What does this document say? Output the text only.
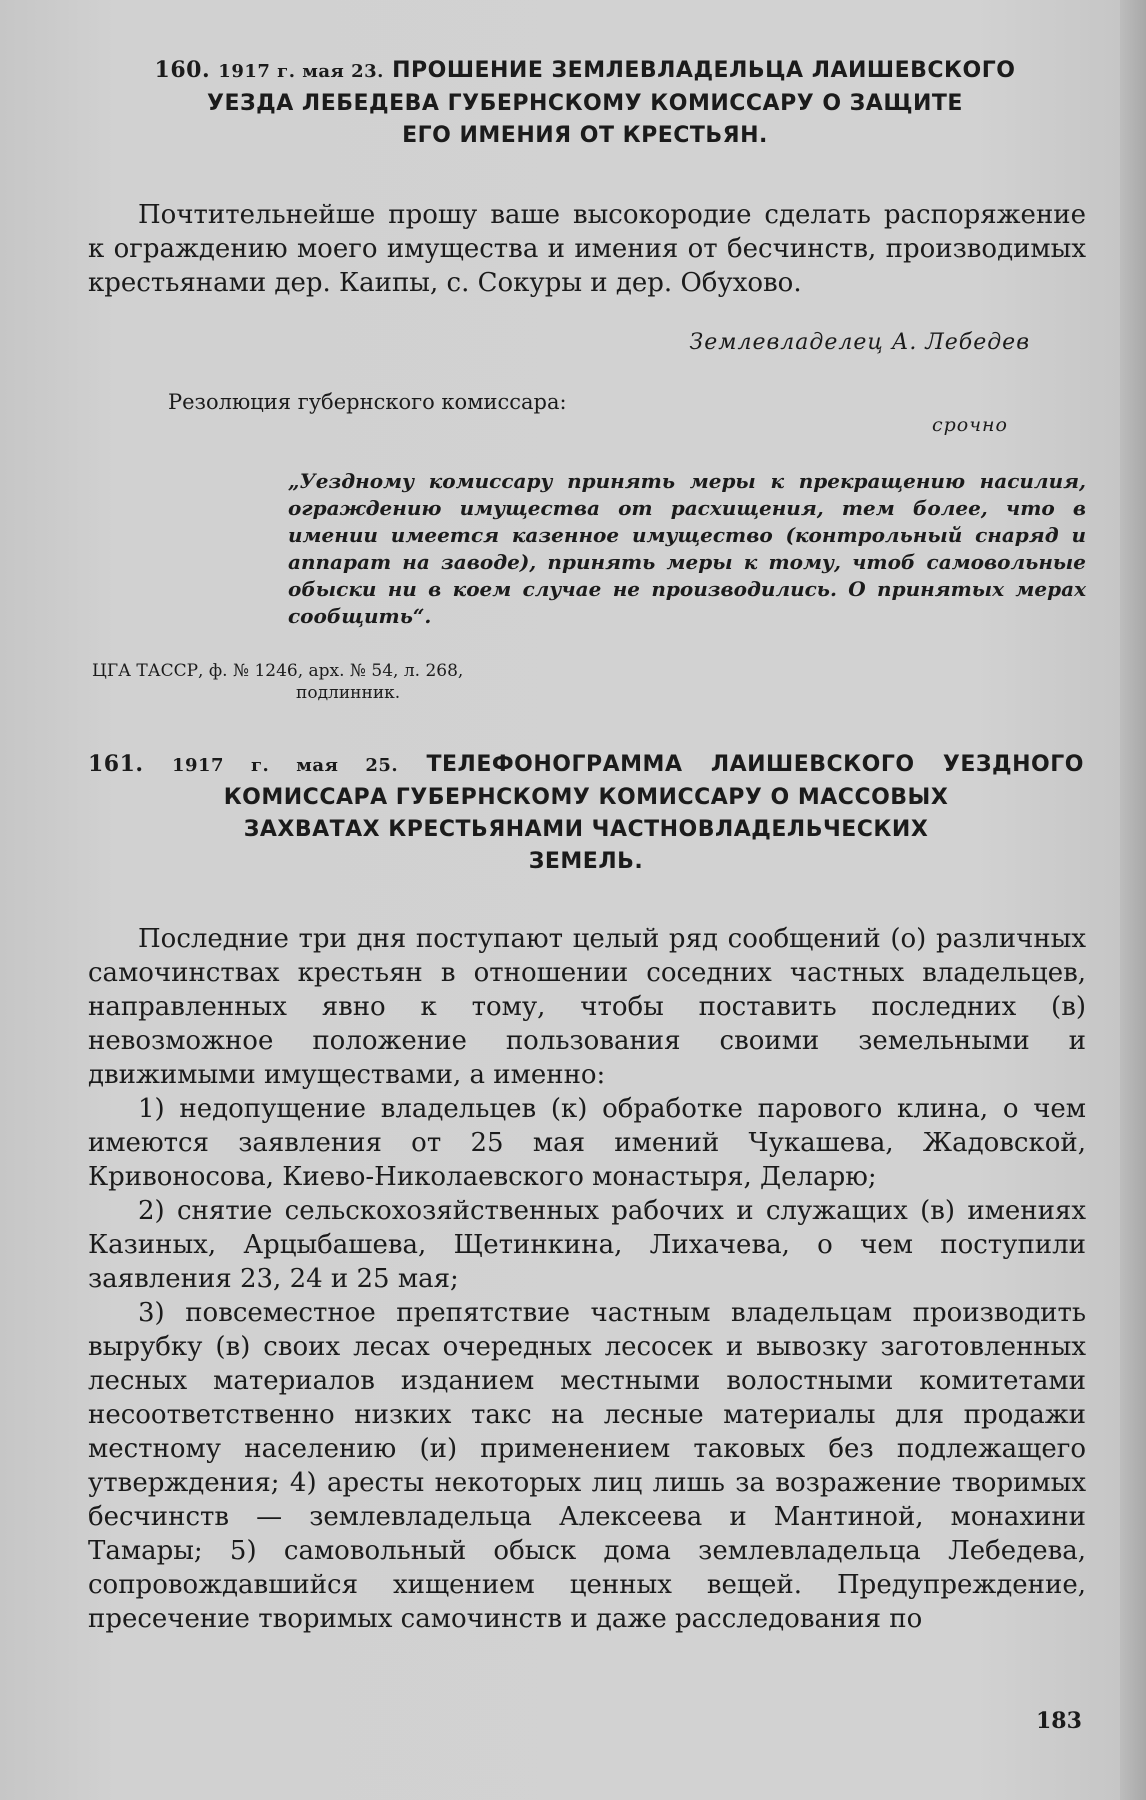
160. 1917 г. мая 23. ПРОШЕНИЕ ЗЕМЛЕВЛАДЕЛЬЦА ЛАИШЕВСКОГО
УЕЗДА ЛЕБЕДЕВА ГУБЕРНСКОМУ КОМИССАРУ О ЗАЩИТЕ
ЕГО ИМЕНИЯ ОТ КРЕСТЬЯН.
Почтительнейше прошу ваше высокородие сделать распоряжение к ограждению моего имущества и имения от бесчинств, производимых крестьянами дер. Каипы, с. Сокуры и дер. Обухово.
Землевладелец А. Лебедев
Резолюция губернского комиссара:
срочно
„Уездному комиссару принять меры к прекращению насилия, ограждению имущества от расхищения, тем более, что в имении имеется казенное имущество (контрольный снаряд и аппарат на заводе), принять меры к тому, чтоб самовольные обыски ни в коем случае не производились. О принятых мерах сообщить“.
ЦГА ТАССР, ф. № 1246, арх. № 54, л. 268,
подлинник.
161. 1917 г. мая 25. ТЕЛЕФОНОГРАММА ЛАИШЕВСКОГО УЕЗДНОГО
КОМИССАРА ГУБЕРНСКОМУ КОМИССАРУ О МАССОВЫХ
ЗАХВАТАХ КРЕСТЬЯНАМИ ЧАСТНОВЛАДЕЛЬЧЕСКИХ
ЗЕМЕЛЬ.
Последние три дня поступают целый ряд сообщений (о) различных самочинствах крестьян в отношении соседних частных владельцев, направленных явно к тому, чтобы поставить последних (в) невозможное положение пользования своими земельными и движимыми имуществами, а именно:
1) недопущение владельцев (к) обработке парового клина, о чем имеются заявления от 25 мая имений Чукашева, Жадовской, Кривоносова, Киево-Николаевского монастыря, Деларю;
2) снятие сельскохозяйственных рабочих и служащих (в) имениях Казиных, Арцыбашева, Щетинкина, Лихачева, о чем поступили заявления 23, 24 и 25 мая;
3) повсеместное препятствие частным владельцам производить вырубку (в) своих лесах очередных лесосек и вывозку заготовленных лесных материалов изданием местными волостными комитетами несоответственно низких такс на лесные материалы для продажи местному населению (и) применением таковых без подлежащего утверждения; 4) аресты некоторых лиц лишь за возражение творимых бесчинств — землевладельца Алексеева и Мантиной, монахини Тамары; 5) самовольный обыск дома землевладельца Лебедева, сопровождавшийся хищением ценных вещей. Предупреждение, пресечение творимых самочинств и даже расследования по
183
